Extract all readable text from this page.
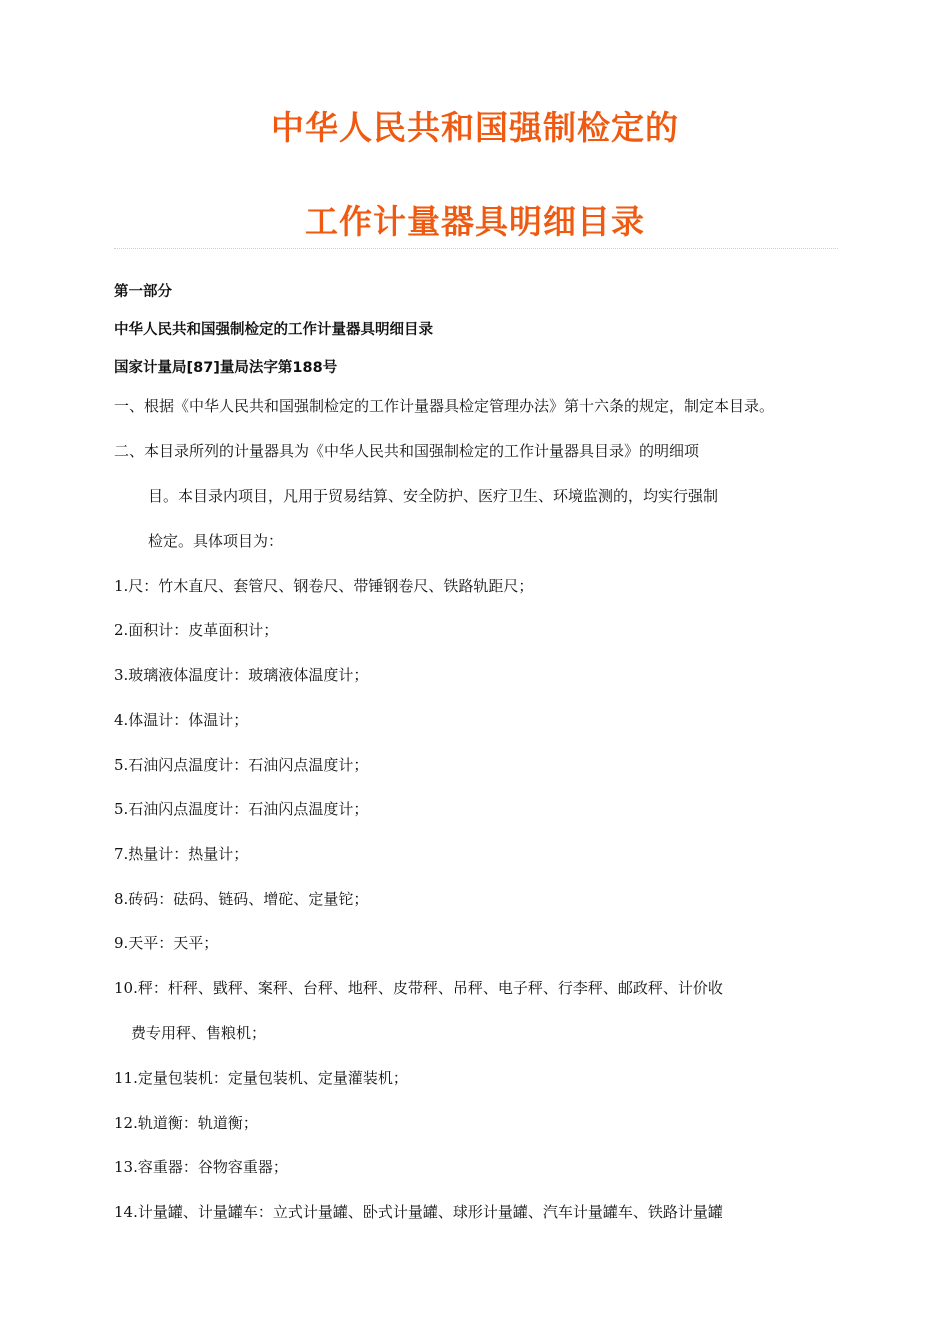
中华人民共和国强制检定的
工作计量器具明细目录
第一部分
中华人民共和国强制检定的工作计量器具明细目录
国家计量局[87]量局法字第188号
一、根据《中华人民共和国强制检定的工作计量器具检定管理办法》第十六条的规定，制定本目录。
二、本目录所列的计量器具为《中华人民共和国强制检定的工作计量器具目录》的明细项
目。本目录内项目，凡用于贸易结算、安全防护、医疗卫生、环境监测的，均实行强制
检定。具体项目为：
1.尺：竹木直尺、套管尺、钢卷尺、带锤钢卷尺、铁路轨距尺；
2.面积计：皮革面积计；
3.玻璃液体温度计：玻璃液体温度计；
4.体温计：体温计；
5.石油闪点温度计：石油闪点温度计；
5.石油闪点温度计：石油闪点温度计；
7.热量计：热量计；
8.砖码：砝码、链码、增砣、定量铊；
9.天平：天平；
10.秤：杆秤、戥秤、案秤、台秤、地秤、皮带秤、吊秤、电子秤、行李秤、邮政秤、计价收
费专用秤、售粮机；
11.定量包装机：定量包装机、定量灌装机；
12.轨道衡：轨道衡；
13.容重器：谷物容重器；
14.计量罐、计量罐车：立式计量罐、卧式计量罐、球形计量罐、汽车计量罐车、铁路计量罐
